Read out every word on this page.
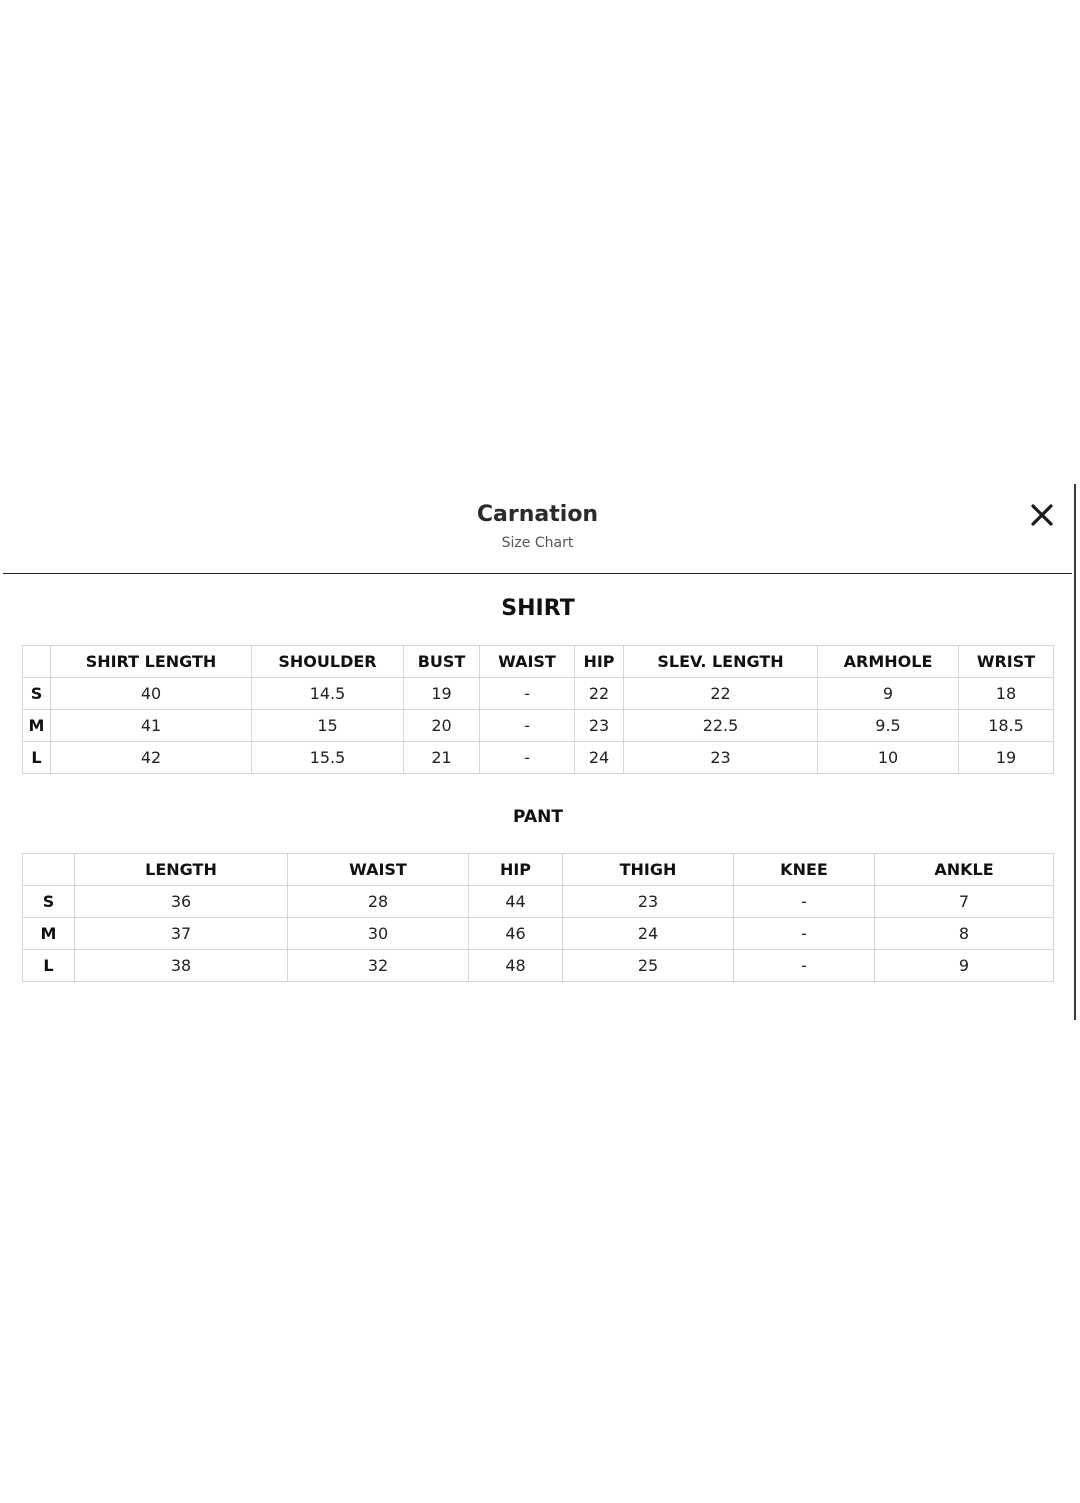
Carnation
Size Chart
SHIRT
	SHIRT LENGTH	SHOULDER	BUST	WAIST	HIP	SLEV. LENGTH	ARMHOLE	WRIST
S	40	14.5	19	-	22	22	9	18
M	41	15	20	-	23	22.5	9.5	18.5
L	42	15.5	21	-	24	23	10	19
PANT
	LENGTH	WAIST	HIP	THIGH	KNEE	ANKLE
S	36	28	44	23	-	7
M	37	30	46	24	-	8
L	38	32	48	25	-	9
